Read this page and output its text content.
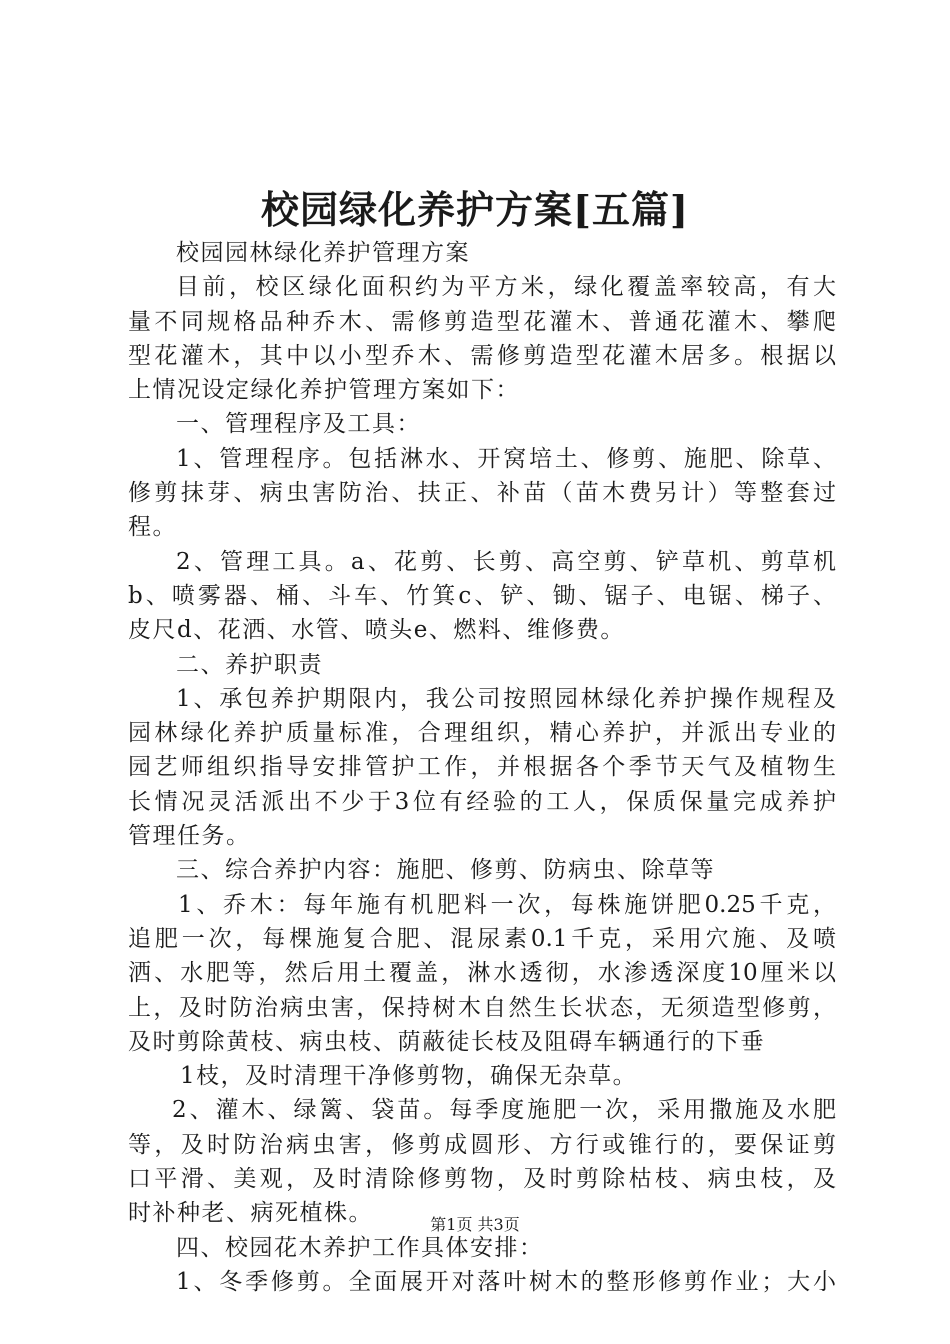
校园绿化养护方案[五篇]
校园园林绿化养护管理方案
目前，校区绿化面积约为平方米，绿化覆盖率较高，有大
量不同规格品种乔木、需修剪造型花灌木、普通花灌木、攀爬
型花灌木，其中以小型乔木、需修剪造型花灌木居多。根据以
上情况设定绿化养护管理方案如下：
一、管理程序及工具：
1、管理程序。包括淋水、开窝培土、修剪、施肥、除草、
修剪抹芽、病虫害防治、扶正、补苗（苗木费另计）等整套过
程。
2、管理工具。a、花剪、长剪、高空剪、铲草机、剪草机
b、喷雾器、桶、斗车、竹箕c、铲、锄、锯子、电锯、梯子、
皮尺d、花洒、水管、喷头e、燃料、维修费。
二、养护职责
1、承包养护期限内，我公司按照园林绿化养护操作规程及
园林绿化养护质量标准，合理组织，精心养护，并派出专业的
园艺师组织指导安排管护工作，并根据各个季节天气及植物生
长情况灵活派出不少于3位有经验的工人，保质保量完成养护
管理任务。
三、综合养护内容：施肥、修剪、防病虫、除草等
1、乔木：每年施有机肥料一次，每株施饼肥0.25千克，
追肥一次，每棵施复合肥、混尿素0.1千克，采用穴施、及喷
洒、水肥等，然后用土覆盖，淋水透彻，水渗透深度10厘米以
上，及时防治病虫害，保持树木自然生长状态，无须造型修剪，
及时剪除黄枝、病虫枝、荫蔽徒长枝及阻碍车辆通行的下垂
1枝，及时清理干净修剪物，确保无杂草。
2、灌木、绿篱、袋苗。每季度施肥一次，采用撒施及水肥
等，及时防治病虫害，修剪成圆形、方行或锥行的，要保证剪
口平滑、美观，及时清除修剪物，及时剪除枯枝、病虫枝，及
时补种老、病死植株。
四、校园花木养护工作具体安排：
1、冬季修剪。全面展开对落叶树木的整形修剪作业；大小
第1页 共3页
